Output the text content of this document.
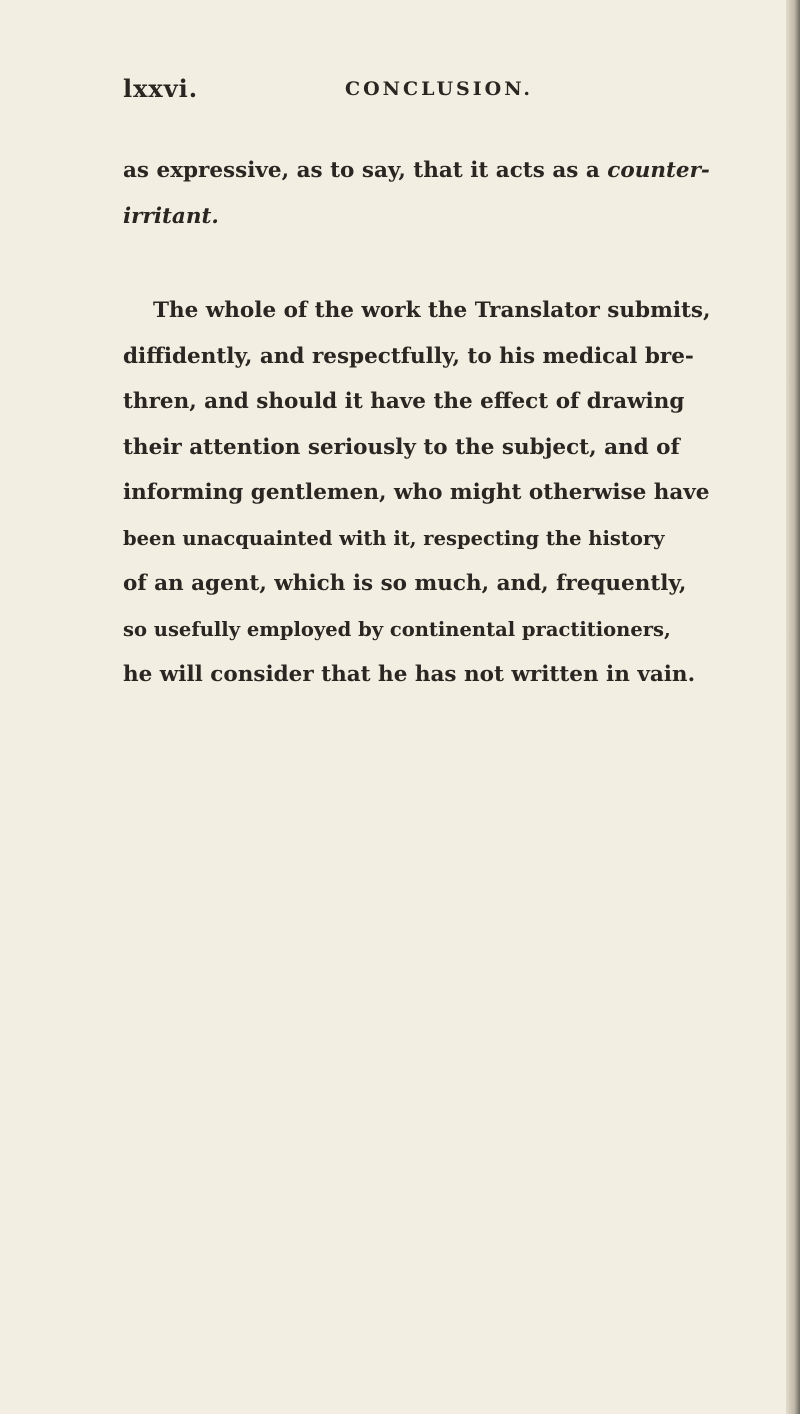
lxxvi.	CONCLUSION.
as expressive, as to say, that it acts as a counter-
irritant.
The whole of the work the Translator submits,
diffidently, and respectfully, to his medical bre-
thren, and should it have the effect of drawing
their attention seriously to the subject, and of
informing gentlemen, who might otherwise have
been unacquainted with it, respecting the history
of an agent, which is so much, and, frequently,
so usefully employed by continental practitioners,
he will consider that he has not written in vain.
